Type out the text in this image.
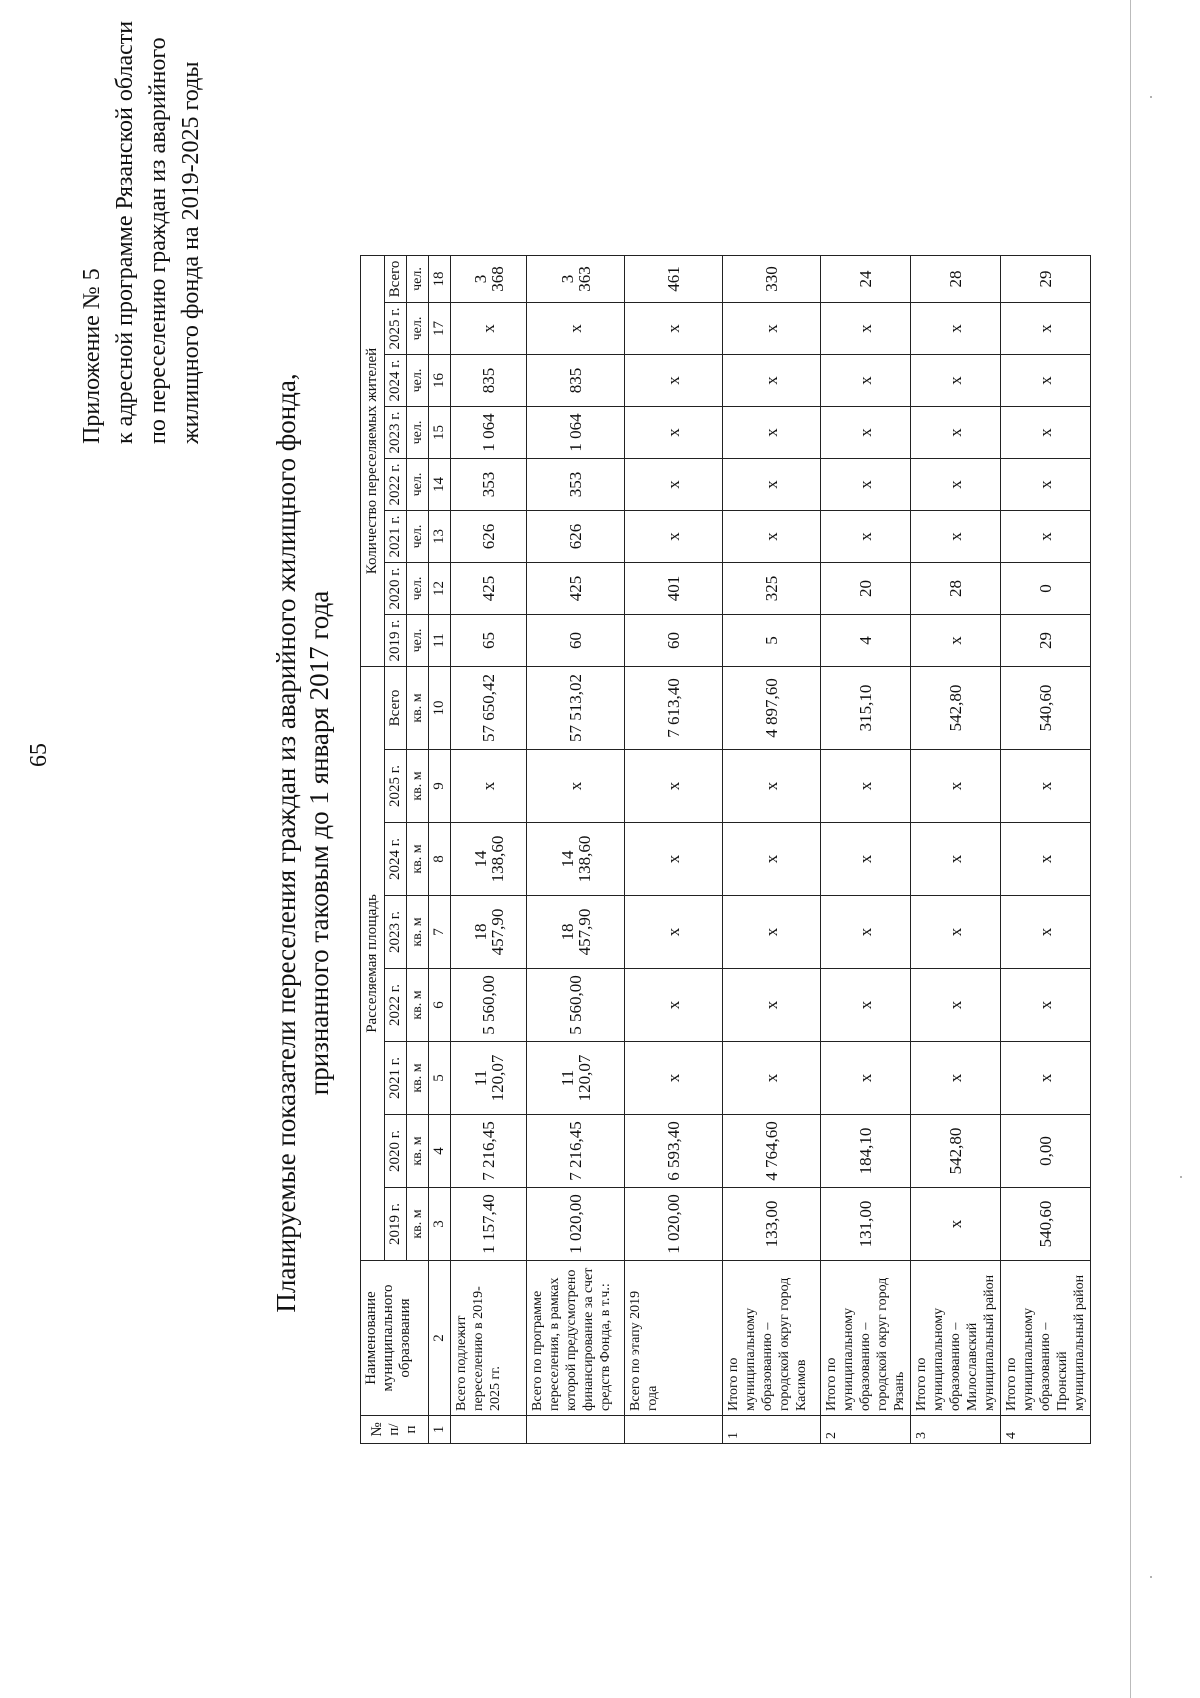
65
Приложение № 5 к адресной программе Рязанской области по переселению граждан из аварийного жилищного фонда на 2019-2025 годы
Планируемые показатели переселения граждан из аварийного жилищного фонда, признанного таковым до 1 января 2017 года
№ п/п	Наименование муниципального образования	Расселяемая площадь								Количество переселяемых жителей							
		2019 г.	2020 г.	2021 г.	2022 г.	2023 г.	2024 г.	2025 г.	Всего	2019 г.	2020 г.	2021 г.	2022 г.	2023 г.	2024 г.	2025 г.	Всего
		кв. м	кв. м	кв. м	кв. м	кв. м	кв. м	кв. м	кв. м	чел.	чел.	чел.	чел.	чел.	чел.	чел.	чел.
1	2	3	4	5	6	7	8	9	10	11	12	13	14	15	16	17	18
	Всего подлежит переселению в 2019-2025 гг.	1 157,40	7 216,45	11 120,07	5 560,00	18 457,90	14 138,60	х	57 650,42	65	425	626	353	1 064	835	х	3 368
	Всего по программе переселения, в рамках которой предусмотрено финансирование за счет средств Фонда, в т.ч.:	1 020,00	7 216,45	11 120,07	5 560,00	18 457,90	14 138,60	х	57 513,02	60	425	626	353	1 064	835	х	3 363
	Всего по этапу 2019 года	1 020,00	6 593,40	х	х	х	х	х	7 613,40	60	401	х	х	х	х	х	461
1	Итого по муниципальному образованию – городской округ город Касимов	133,00	4 764,60	х	х	х	х	х	4 897,60	5	325	х	х	х	х	х	330
2	Итого по муниципальному образованию – городской округ город Рязань	131,00	184,10	х	х	х	х	х	315,10	4	20	х	х	х	х	х	24
3	Итого по муниципальному образованию – Милославский муниципальный район	х	542,80	х	х	х	х	х	542,80	х	28	х	х	х	х	х	28
4	Итого по муниципальному образованию – Пронский муниципальный район	540,60	0,00	х	х	х	х	х	540,60	29	0	х	х	х	х	х	29
